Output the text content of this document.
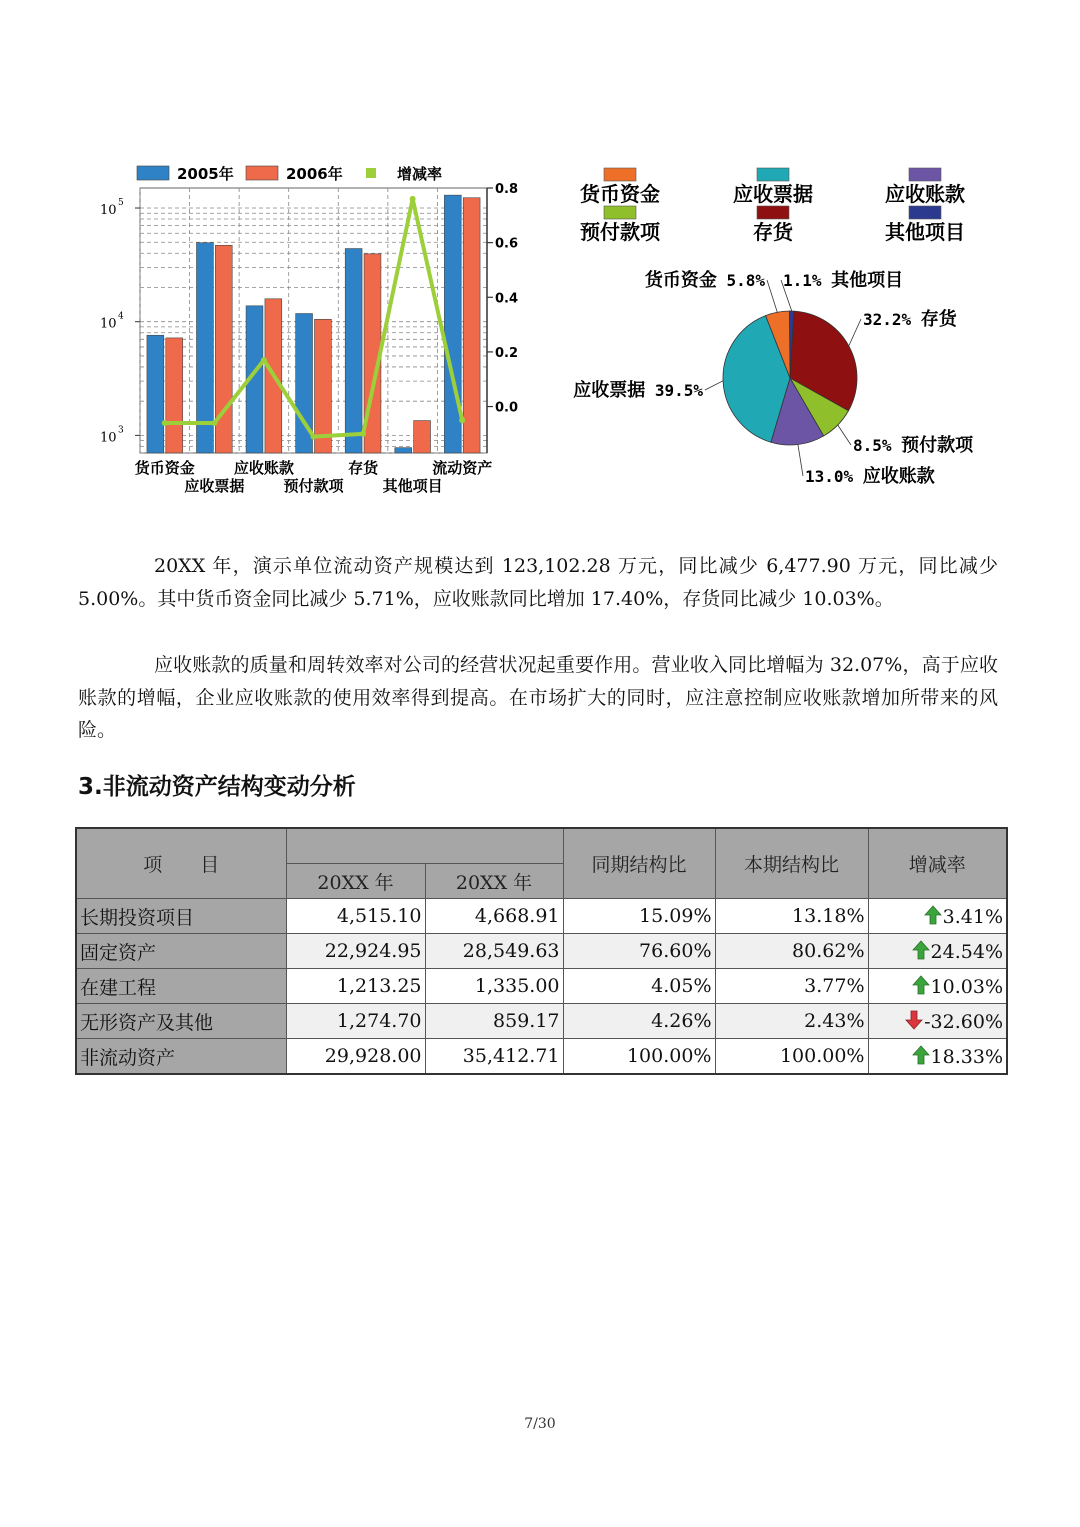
10 3
10 4
10 5
0.0
0.2
0.4
0.6
0.8
货币资金
应收票据
应收账款
预付款项
存货
其他项目
流动资产
2005年	2006年	增减率
货币资金	应收票据	应收账款
预付款项	存货	其他项目
1.1% 其他项目
32.2% 存货
8.5% 预付款项
13.0% 应收账款
应收票据 39.5%
货币资金 5.8%

20XX 年，演示单位流动资产规模达到 123,102.28 万元，同比减少 6,477.90 万元，同比减少 5.00%。其中货币资金同比减少 5.71%，应收账款同比增加 17.40%，存货同比减少 10.03%。

应收账款的质量和周转效率对公司的经营状况起重要作用。营业收入同比增幅为 32.07%，高于应收账款的增幅，企业应收账款的使用效率得到提高。在市场扩大的同时，应注意控制应收账款增加所带来的风险。

3.非流动资产结构变动分析
项　　目			同期结构比	本期结构比	增减率
	20XX 年	20XX 年			
长期投资项目	4,515.10	4,668.91	15.09%	13.18%	3.41%
固定资产	22,924.95	28,549.63	76.60%	80.62%	24.54%
在建工程	1,213.25	1,335.00	4.05%	3.77%	10.03%
无形资产及其他	1,274.70	859.17	4.26%	2.43%	-32.60%
非流动资产	29,928.00	35,412.71	100.00%	100.00%	18.33%
7/30
